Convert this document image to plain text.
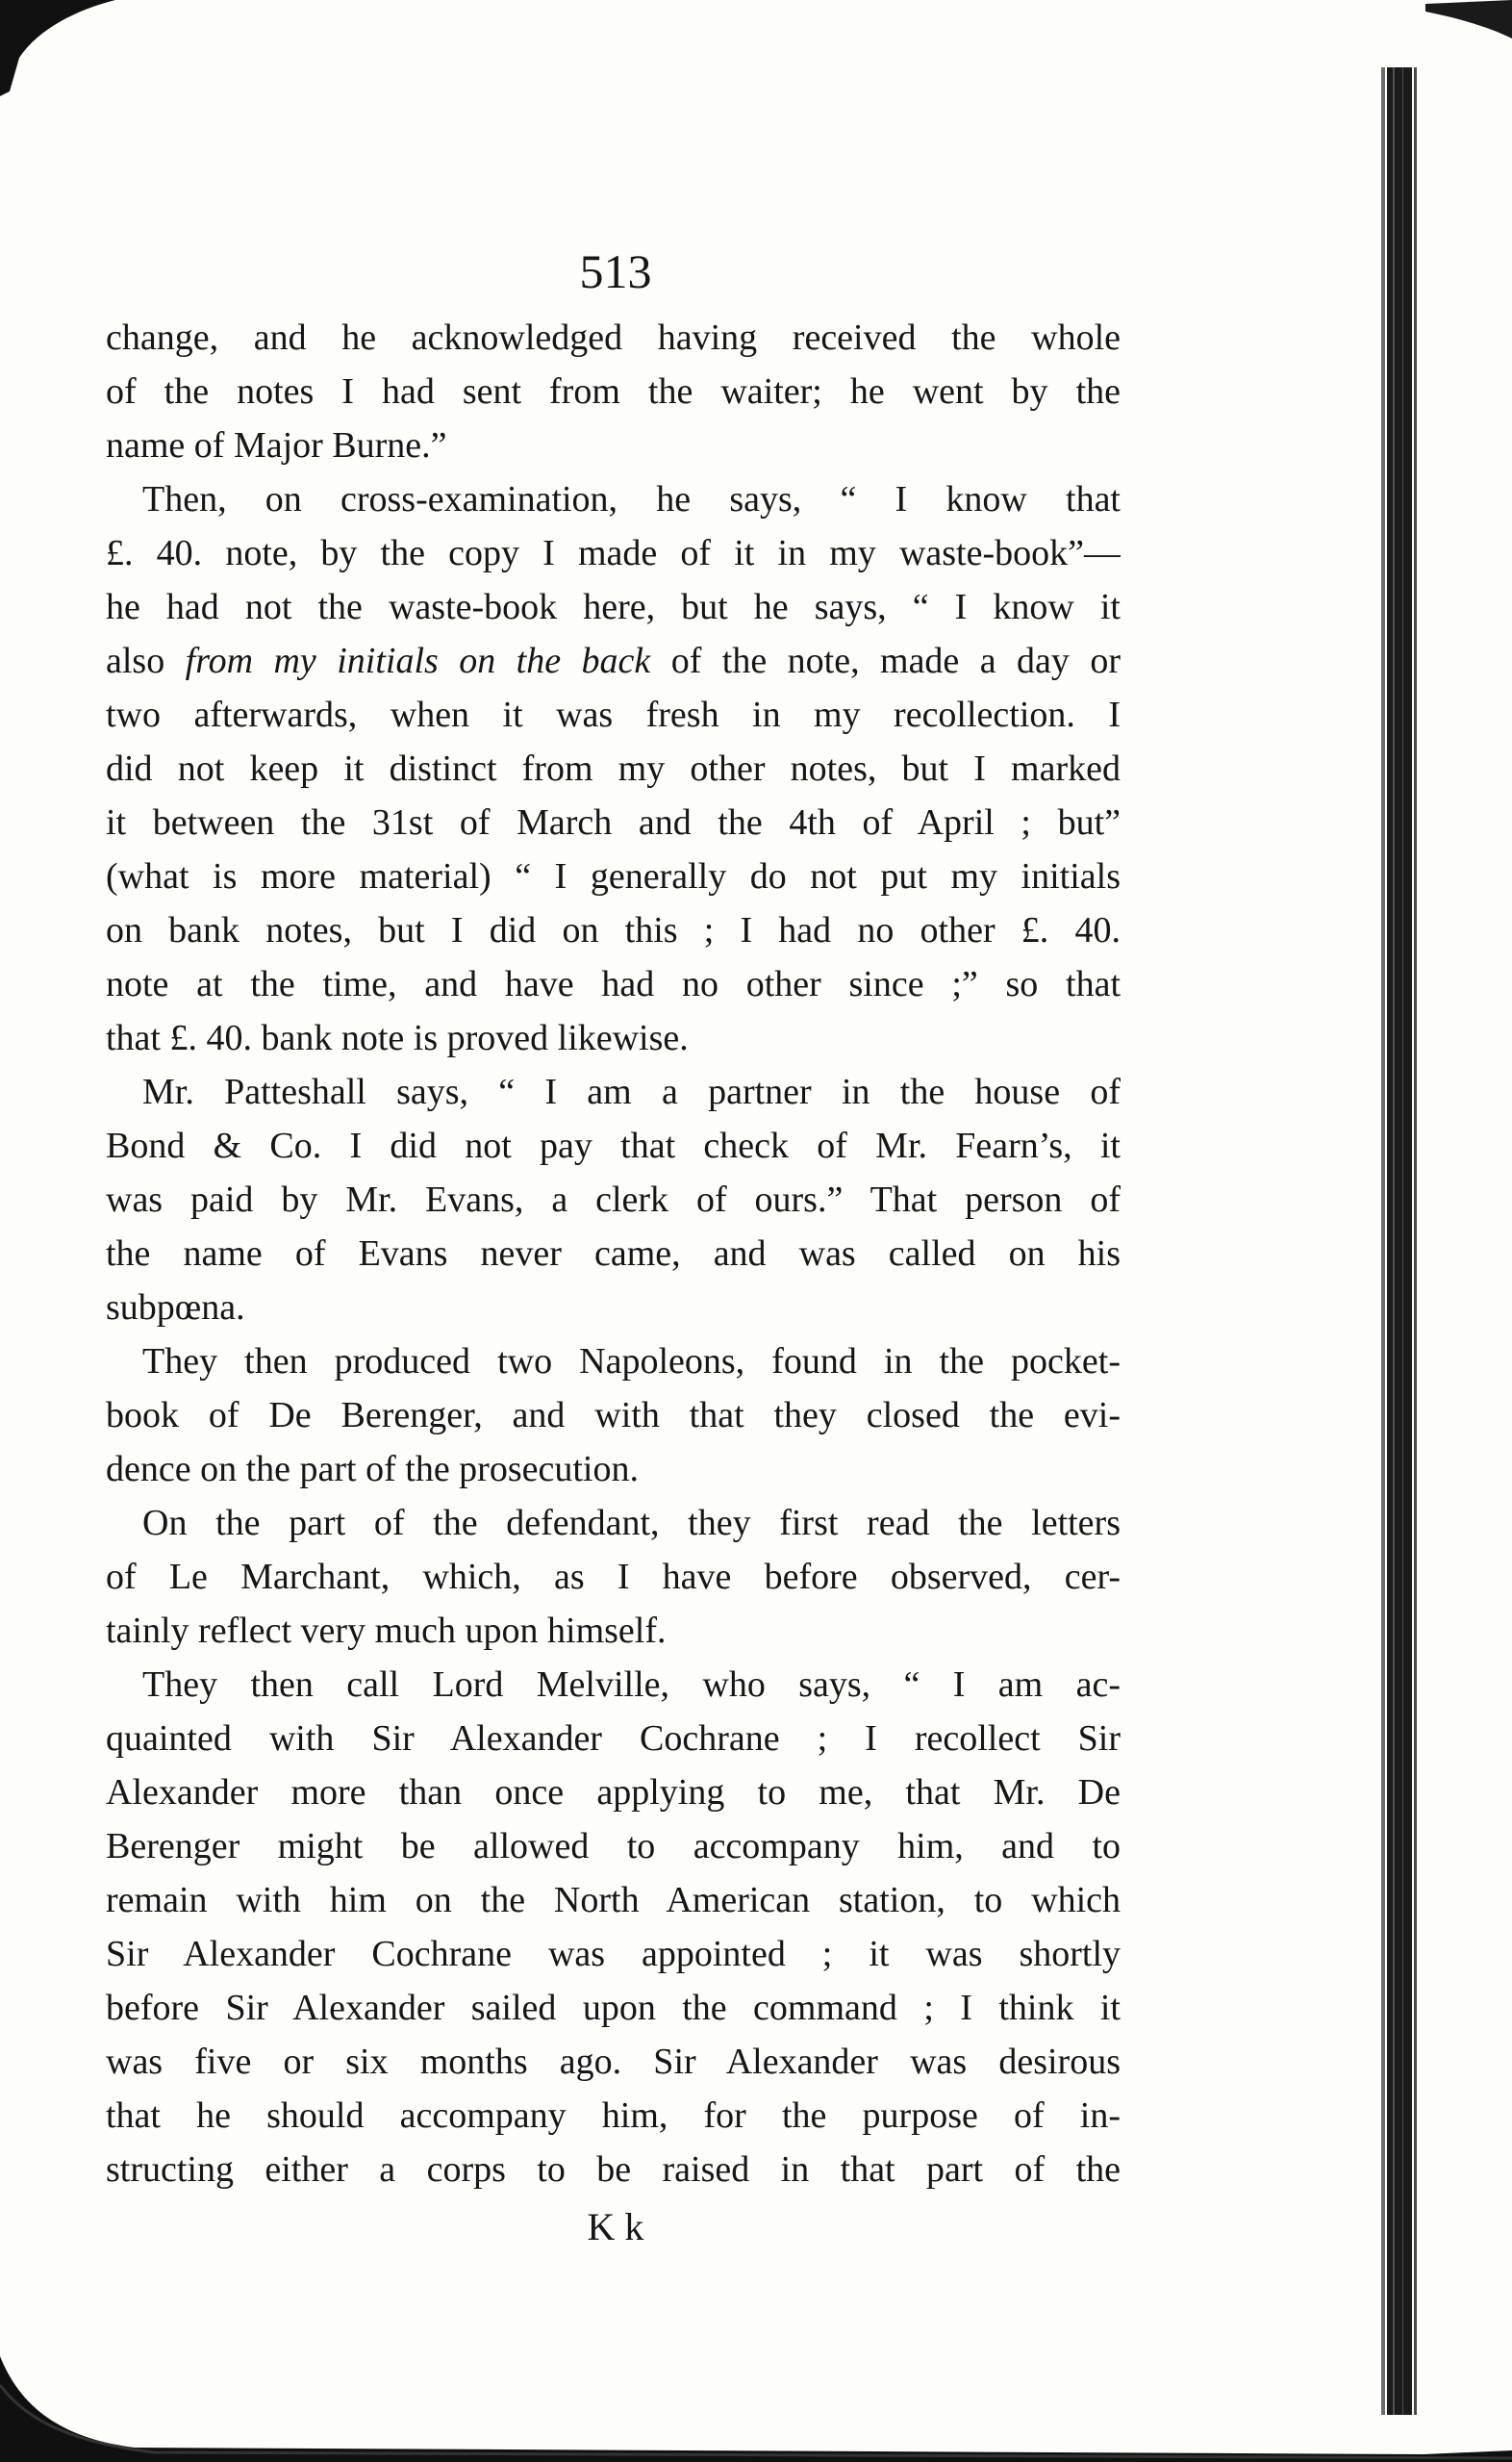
513
change, and he acknowledged having received the whole
of the notes I had sent from the waiter; he went by the
name of Major Burne.”
Then, on cross-examination, he says, “ I know that
£. 40. note, by the copy I made of it in my waste-book”—
he had not the waste-book here, but he says, “ I know it
also from my initials on the back of the note, made a day or
two afterwards, when it was fresh in my recollection. I
did not keep it distinct from my other notes, but I marked
it between the 31st of March and the 4th of April ; but”
(what is more material) “ I generally do not put my initials
on bank notes, but I did on this ; I had no other £. 40.
note at the time, and have had no other since ;” so that
that £. 40. bank note is proved likewise.
Mr. Patteshall says, “ I am a partner in the house of
Bond & Co. I did not pay that check of Mr. Fearn’s, it
was paid by Mr. Evans, a clerk of ours.” That person of
the name of Evans never came, and was called on his
subpœna.
They then produced two Napoleons, found in the pocket-
book of De Berenger, and with that they closed the evi-
dence on the part of the prosecution.
On the part of the defendant, they first read the letters
of Le Marchant, which, as I have before observed, cer-
tainly reflect very much upon himself.
They then call Lord Melville, who says, “ I am ac-
quainted with Sir Alexander Cochrane ; I recollect Sir
Alexander more than once applying to me, that Mr. De
Berenger might be allowed to accompany him, and to
remain with him on the North American station, to which
Sir Alexander Cochrane was appointed ; it was shortly
before Sir Alexander sailed upon the command ; I think it
was five or six months ago. Sir Alexander was desirous
that he should accompany him, for the purpose of in-
structing either a corps to be raised in that part of the
K k
